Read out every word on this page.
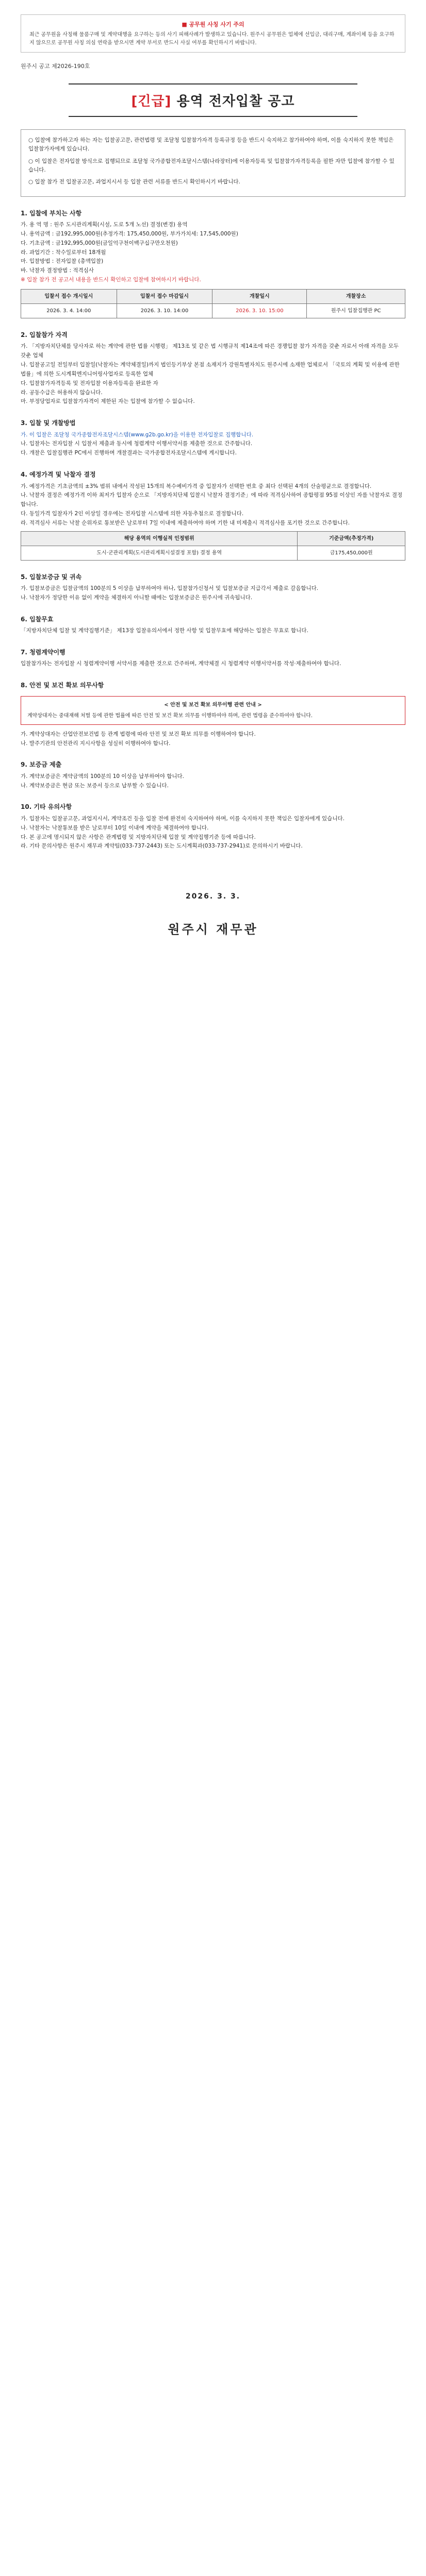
■ 공무원 사칭 사기 주의

최근 공무원을 사칭해 물품구매 및 계약대행을 요구하는 등의 사기 피해사례가 발생하고 있습니다. 원주시 공무원은 업체에 선입금, 대리구매, 계좌이체 등을 요구하지 않으므로 공무원 사칭 의심 연락을 받으시면 계약 부서로 반드시 사실 여부를 확인하시기 바랍니다.

원주시 공고 제2026-190호
[긴급] 용역 전자입찰 공고

○ 입찰에 참가하고자 하는 자는 입찰공고문, 관련법령 및 조달청 입찰참가자격 등록규정 등을 반드시 숙지하고 참가하여야 하며, 이를 숙지하지 못한 책임은 입찰참가자에게 있습니다.

○ 이 입찰은 전자입찰 방식으로 집행되므로 조달청 국가종합전자조달시스템(나라장터)에 이용자등록 및 입찰참가자격등록을 필한 자만 입찰에 참가할 수 있습니다.

○ 입찰 참가 전 입찰공고문, 과업지시서 등 입찰 관련 서류를 반드시 확인하시기 바랍니다.

1. 입찰에 부치는 사항

가. 용 역 명 : 원주 도시관리계획(시설, 도로 5개 노선) 결정(변경) 용역

나. 용역금액 : 금192,995,000원(추정가격: 175,450,000원, 부가가치세: 17,545,000원)

다. 기초금액 : 금192,995,000원(금일억구천이백구십구만오천원)

라. 과업기간 : 착수일로부터 18개월

마. 입찰방법 : 전자입찰 (총액입찰)

바. 낙찰자 결정방법 : 적격심사

※ 입찰 참가 전 공고서 내용을 반드시 확인하고 입찰에 참여하시기 바랍니다.

입찰서 접수 개시일시	입찰서 접수 마감일시	개찰일시	개찰장소
2026. 3. 4. 14:00	2026. 3. 10. 14:00	2026. 3. 10. 15:00	원주시 입찰집행관 PC
2. 입찰참가 자격

가. 「지방자치단체를 당사자로 하는 계약에 관한 법률 시행령」 제13조 및 같은 법 시행규칙 제14조에 따른 경쟁입찰 참가 자격을 갖춘 자로서 아래 자격을 모두 갖춘 업체

나. 입찰공고일 전일부터 입찰일(낙찰자는 계약체결일)까지 법인등기부상 본점 소재지가 강원특별자치도 원주시에 소재한 업체로서 「국토의 계획 및 이용에 관한 법률」에 의한 도시계획엔지니어링사업자로 등록한 업체

다. 입찰참가자격등록 및 전자입찰 이용자등록을 완료한 자

라. 공동수급은 허용하지 않습니다.

마. 부정당업자로 입찰참가자격이 제한된 자는 입찰에 참가할 수 없습니다.

3. 입찰 및 개찰방법

가. 이 입찰은 조달청 국가종합전자조달시스템(www.g2b.go.kr)을 이용한 전자입찰로 집행합니다.

나. 입찰자는 전자입찰 시 입찰서 제출과 동시에 청렴계약 이행서약서를 제출한 것으로 간주합니다.

다. 개찰은 입찰집행관 PC에서 진행하며 개찰결과는 국가종합전자조달시스템에 게시합니다.

4. 예정가격 및 낙찰자 결정

가. 예정가격은 기초금액의 ±3% 범위 내에서 작성된 15개의 복수예비가격 중 입찰자가 선택한 번호 중 최다 선택된 4개의 산술평균으로 결정합니다.

나. 낙찰자 결정은 예정가격 이하 최저가 입찰자 순으로 「지방자치단체 입찰시 낙찰자 결정기준」에 따라 적격심사하여 종합평점 95점 이상인 자를 낙찰자로 결정합니다.

다. 동일가격 입찰자가 2인 이상일 경우에는 전자입찰 시스템에 의한 자동추첨으로 결정합니다.

라. 적격심사 서류는 낙찰 순위자로 통보받은 날로부터 7일 이내에 제출하여야 하며 기한 내 미제출시 적격심사를 포기한 것으로 간주합니다.

해당 용역의 이행실적 인정범위	기준금액(추정가격)
도시·군관리계획(도시관리계획시설결정 포함) 결정 용역	금175,450,000원
5. 입찰보증금 및 귀속

가. 입찰보증금은 입찰금액의 100분의 5 이상을 납부하여야 하나, 입찰참가신청서 및 입찰보증금 지급각서 제출로 갈음합니다.

나. 낙찰자가 정당한 이유 없이 계약을 체결하지 아니할 때에는 입찰보증금은 원주시에 귀속됩니다.

6. 입찰무효

「지방자치단체 입찰 및 계약집행기준」 제13장 입찰유의서에서 정한 사항 및 입찰무효에 해당하는 입찰은 무효로 합니다.

7. 청렴계약이행

입찰참가자는 전자입찰 시 청렴계약이행 서약서를 제출한 것으로 간주하며, 계약체결 시 청렴계약 이행서약서를 작성·제출하여야 합니다.

8. 안전 및 보건 확보 의무사항
< 안전 및 보건 확보 의무이행 관련 안내 >
계약상대자는 중대재해 처벌 등에 관한 법률에 따른 안전 및 보건 확보 의무를 이행하여야 하며, 관련 법령을 준수하여야 합니다.

가. 계약상대자는 산업안전보건법 등 관계 법령에 따라 안전 및 보건 확보 의무를 이행하여야 합니다.

나. 발주기관의 안전관리 지시사항을 성실히 이행하여야 합니다.

9. 보증금 제출

가. 계약보증금은 계약금액의 100분의 10 이상을 납부하여야 합니다.

나. 계약보증금은 현금 또는 보증서 등으로 납부할 수 있습니다.

10. 기타 유의사항

가. 입찰자는 입찰공고문, 과업지시서, 계약조건 등을 입찰 전에 완전히 숙지하여야 하며, 이를 숙지하지 못한 책임은 입찰자에게 있습니다.

나. 낙찰자는 낙찰통보를 받은 날로부터 10일 이내에 계약을 체결하여야 합니다.

다. 본 공고에 명시되지 않은 사항은 관계법령 및 지방자치단체 입찰 및 계약집행기준 등에 따릅니다.

라. 기타 문의사항은 원주시 재무과 계약팀(033-737-2443) 또는 도시계획과(033-737-2941)로 문의하시기 바랍니다.

2026. 3. 3.
원주시 재무관
